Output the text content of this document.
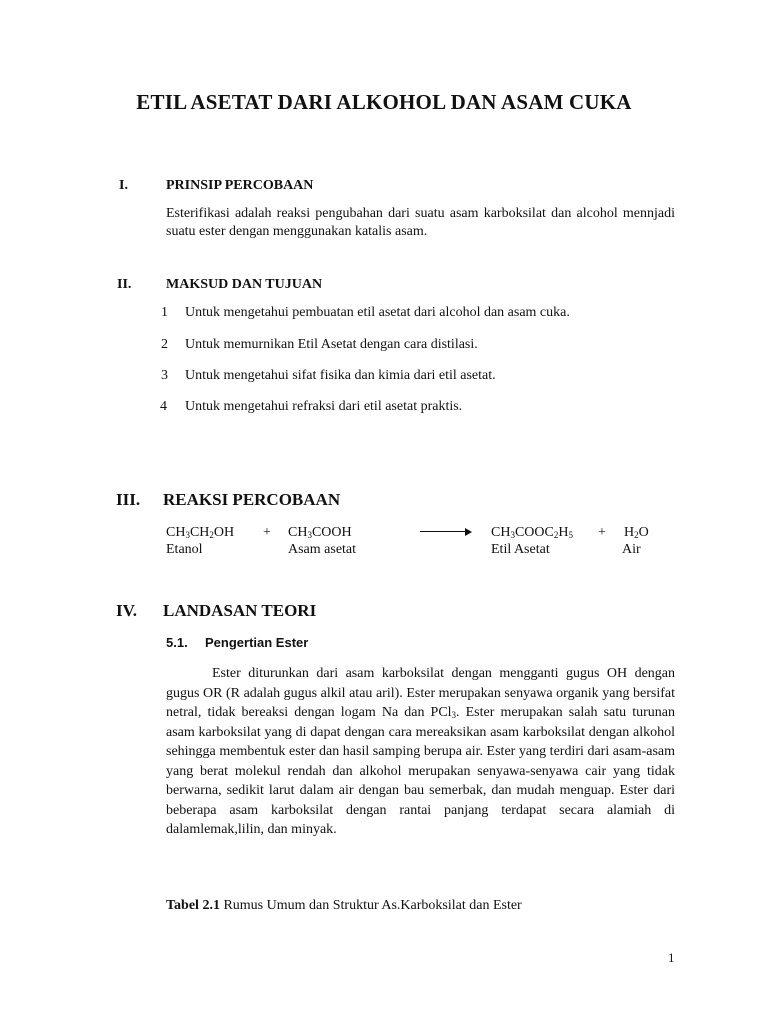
ETIL ASETAT DARI ALKOHOL DAN ASAM CUKA
I.	PRINSIP PERCOBAAN
Esterifikasi adalah reaksi pengubahan dari suatu asam karboksilat dan alcohol mennjadi suatu ester dengan menggunakan katalis asam.
II. MAKSUD DAN TUJUAN
1 Untuk mengetahui pembuatan etil asetat dari alcohol dan asam cuka.
2 Untuk memurnikan Etil Asetat dengan cara distilasi.
3 Untuk mengetahui sifat fisika dan kimia dari etil asetat.
4 Untuk mengetahui refraksi dari etil asetat praktis.
III. REAKSI PERCOBAAN
$CH_3CH_2OH$
Etanol
+ $CH_3COOH$
Asam asetat
→ $CH_3COOC_2H_5$
Etil Asetat
+ $H_2O$
Air
IV. LANDASAN TEORI
5.1. Pengertian Ester
Ester diturunkan dari asam karboksilat dengan mengganti gugus OH dengan gugus OR (R adalah gugus alkil atau aril). Ester merupakan senyawa organik yang bersifat netral, tidak bereaksi dengan logam Na dan PCl$_3$. Ester merupakan salah satu turunan asam karboksilat yang di dapat dengan cara mereaksikan asam karboksilat dengan alkohol sehingga membentuk ester dan hasil samping berupa air. Ester yang terdiri dari asam-asam yang berat molekul rendah dan alkohol merupakan senyawa-senyawa cair yang tidak berwarna, sedikit larut dalam air dengan bau semerbak, dan mudah menguap. Ester dari beberapa asam karboksilat dengan rantai panjang terdapat secara alamiah di dalamlemak,lilin, dan minyak.
Tabel 2.1 Rumus Umum dan Struktur As.Karboksilat dan Ester
1
